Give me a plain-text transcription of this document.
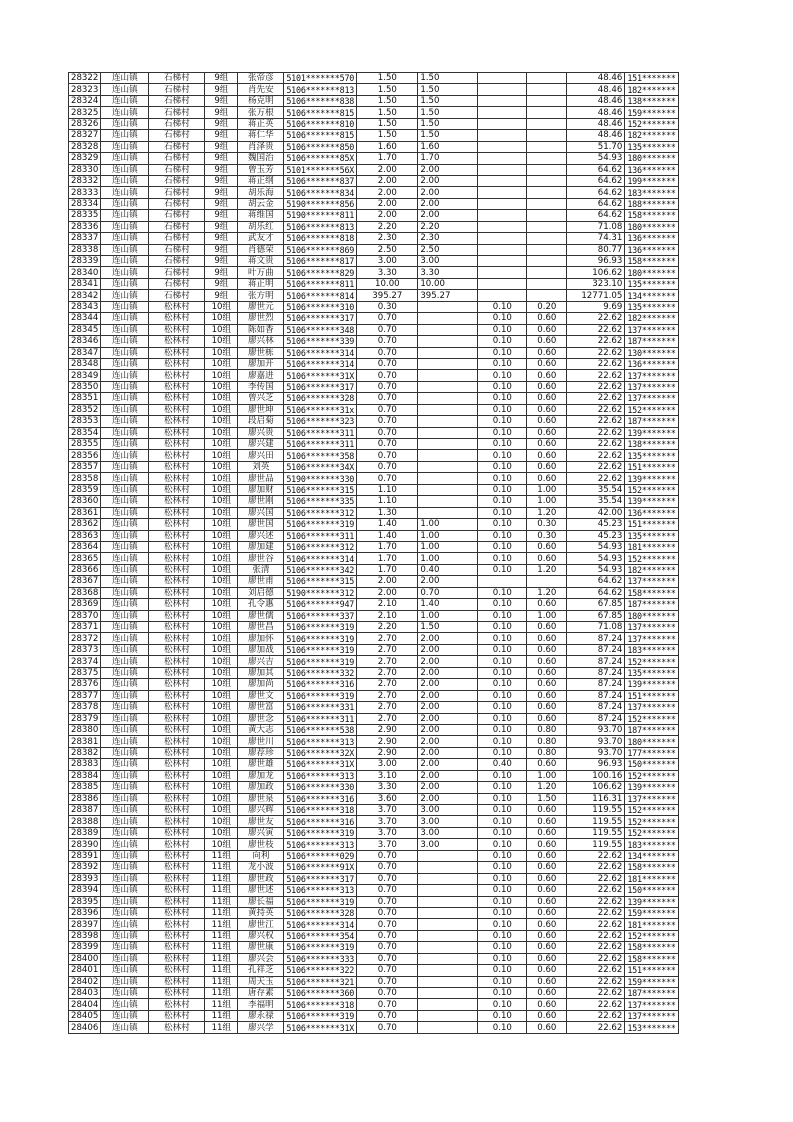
28322	连山镇	石梯村	9组	张帝彦	5101*******570	1.50	1.50			48.46	151*******
28323	连山镇	石梯村	9组	肖先安	5106*******813	1.50	1.50			48.46	182*******
28324	连山镇	石梯村	9组	杨克明	5106*******838	1.50	1.50			48.46	138*******
28325	连山镇	石梯村	9组	张万根	5106*******815	1.50	1.50			48.46	159*******
28326	连山镇	石梯村	9组	蒋正英	5106*******810	1.50	1.50			48.46	152*******
28327	连山镇	石梯村	9组	蒋仁华	5106*******815	1.50	1.50			48.46	182*******
28328	连山镇	石梯村	9组	肖泽贵	5106*******850	1.60	1.60			51.70	135*******
28329	连山镇	石梯村	9组	魏国治	5106*******85X	1.70	1.70			54.93	180*******
28330	连山镇	石梯村	9组	曾玉芳	5101*******56X	2.00	2.00			64.62	136*******
28332	连山镇	石梯村	9组	蒋正纲	5106*******837	2.00	2.00			64.62	199*******
28333	连山镇	石梯村	9组	胡乐海	5106*******834	2.00	2.00			64.62	183*******
28334	连山镇	石梯村	9组	胡云金	5190*******856	2.00	2.00			64.62	188*******
28335	连山镇	石梯村	9组	蒋维国	5190*******811	2.00	2.00			64.62	158*******
28336	连山镇	石梯村	9组	胡乐红	5106*******813	2.20	2.20			71.08	180*******
28337	连山镇	石梯村	9组	武友才	5106*******818	2.30	2.30			74.31	136*******
28338	连山镇	石梯村	9组	肖德荣	5106*******869	2.50	2.50			80.77	136*******
28339	连山镇	石梯村	9组	蒋文贵	5106*******817	3.00	3.00			96.93	158*******
28340	连山镇	石梯村	9组	叶万曲	5106*******829	3.30	3.30			106.62	180*******
28341	连山镇	石梯村	9组	蒋正明	5106*******811	10.00	10.00			323.10	135*******
28342	连山镇	石梯村	9组	张方明	5106*******814	395.27	395.27			12771.05	134*******
28343	连山镇	松林村	10组	廖世元	5106*******310	0.30		0.10	0.20	9.69	135*******
28344	连山镇	松林村	10组	廖世烈	5106*******317	0.70		0.10	0.60	22.62	182*******
28345	连山镇	松林村	10组	陈如香	5106*******348	0.70		0.10	0.60	22.62	137*******
28346	连山镇	松林村	10组	廖兴林	5106*******339	0.70		0.10	0.60	22.62	187*******
28347	连山镇	松林村	10组	廖世栋	5106*******314	0.70		0.10	0.60	22.62	130*******
28348	连山镇	松林村	10组	廖加开	5106*******314	0.70		0.10	0.60	22.62	136*******
28349	连山镇	松林村	10组	廖嘉进	5106*******31X	0.70		0.10	0.60	22.62	137*******
28350	连山镇	松林村	10组	李传国	5106*******317	0.70		0.10	0.60	22.62	137*******
28351	连山镇	松林村	10组	曾兴芝	5106*******328	0.70		0.10	0.60	22.62	137*******
28352	连山镇	松林村	10组	廖世坤	5106*******31x	0.70		0.10	0.60	22.62	152*******
28353	连山镇	松林村	10组	段启菊	5106*******323	0.70		0.10	0.60	22.62	187*******
28354	连山镇	松林村	10组	廖兴贵	5106*******311	0.70		0.10	0.60	22.62	139*******
28355	连山镇	松林村	10组	廖兴建	5106*******311	0.70		0.10	0.60	22.62	138*******
28356	连山镇	松林村	10组	廖兴田	5106*******358	0.70		0.10	0.60	22.62	135*******
28357	连山镇	松林村	10组	刘英	5106*******34X	0.70		0.10	0.60	22.62	151*******
28358	连山镇	松林村	10组	廖世品	5190*******330	0.70		0.10	0.60	22.62	139*******
28359	连山镇	松林村	10组	廖加财	5106*******315	1.10		0.10	1.00	35.54	152*******
28360	连山镇	松林村	10组	廖世刚	5106*******335	1.10		0.10	1.00	35.54	139*******
28361	连山镇	松林村	10组	廖兴国	5106*******312	1.30		0.10	1.20	42.00	136*******
28362	连山镇	松林村	10组	廖世国	5106*******319	1.40	1.00	0.10	0.30	45.23	151*******
28363	连山镇	松林村	10组	廖兴述	5106*******311	1.40	1.00	0.10	0.30	45.23	135*******
28364	连山镇	松林村	10组	廖加建	5106*******312	1.70	1.00	0.10	0.60	54.93	181*******
28365	连山镇	松林村	10组	廖世谷	5106*******314	1.70	1.00	0.10	0.60	54.93	152*******
28366	连山镇	松林村	10组	张清	5106*******342	1.70	0.40	0.10	1.20	54.93	182*******
28367	连山镇	松林村	10组	廖世甫	5106*******315	2.00	2.00			64.62	137*******
28368	连山镇	松林村	10组	刘启德	5190*******312	2.00	0.70	0.10	1.20	64.62	158*******
28369	连山镇	松林村	10组	孔令惠	5106*******947	2.10	1.40	0.10	0.60	67.85	187*******
28370	连山镇	松林村	10组	廖世儒	5106*******337	2.10	1.00	0.10	1.00	67.85	180*******
28371	连山镇	松林村	10组	廖世昌	5106*******319	2.20	1.50	0.10	0.60	71.08	137*******
28372	连山镇	松林村	10组	廖加怀	5106*******319	2.70	2.00	0.10	0.60	87.24	137*******
28373	连山镇	松林村	10组	廖加战	5106*******319	2.70	2.00	0.10	0.60	87.24	183*******
28374	连山镇	松林村	10组	廖兴吉	5106*******319	2.70	2.00	0.10	0.60	87.24	152*******
28375	连山镇	松林村	10组	廖加其	5106*******332	2.70	2.00	0.10	0.60	87.24	135*******
28376	连山镇	松林村	10组	廖加尚	5106*******316	2.70	2.00	0.10	0.60	87.24	139*******
28377	连山镇	松林村	10组	廖世文	5106*******319	2.70	2.00	0.10	0.60	87.24	151*******
28378	连山镇	松林村	10组	廖世富	5106*******331	2.70	2.00	0.10	0.60	87.24	137*******
28379	连山镇	松林村	10组	廖世念	5106*******311	2.70	2.00	0.10	0.60	87.24	152*******
28380	连山镇	松林村	10组	黄大志	5106*******538	2.90	2.00	0.10	0.80	93.70	187*******
28381	连山镇	松林村	10组	廖世川	5106*******313	2.90	2.00	0.10	0.80	93.70	180*******
28382	连山镇	松林村	10组	廖荐珍	5106*******32X	2.90	2.00	0.10	0.80	93.70	177*******
28383	连山镇	松林村	10组	廖世雄	5106*******31X	3.00	2.00	0.40	0.60	96.93	150*******
28384	连山镇	松林村	10组	廖加龙	5106*******313	3.10	2.00	0.10	1.00	100.16	152*******
28385	连山镇	松林村	10组	廖加政	5106*******330	3.30	2.00	0.10	1.20	106.62	139*******
28386	连山镇	松林村	10组	廖世泉	5106*******316	3.60	2.00	0.10	1.50	116.31	137*******
28387	连山镇	松林村	10组	廖兴辉	5106*******318	3.70	3.00	0.10	0.60	119.55	152*******
28388	连山镇	松林村	10组	廖世友	5106*******316	3.70	3.00	0.10	0.60	119.55	152*******
28389	连山镇	松林村	10组	廖兴寅	5106*******319	3.70	3.00	0.10	0.60	119.55	152*******
28390	连山镇	松林村	10组	廖世枝	5106*******313	3.70	3.00	0.10	0.60	119.55	183*******
28391	连山镇	松林村	11组	向利	5106*******029	0.70		0.10	0.60	22.62	134*******
28392	连山镇	松林村	11组	龙小波	5106*******91X	0.70		0.10	0.60	22.62	158*******
28393	连山镇	松林村	11组	廖世政	5106*******317	0.70		0.10	0.60	22.62	181*******
28394	连山镇	松林村	11组	廖世述	5106*******313	0.70		0.10	0.60	22.62	150*******
28395	连山镇	松林村	11组	廖长福	5106*******319	0.70		0.10	0.60	22.62	139*******
28396	连山镇	松林村	11组	黄持英	5106*******328	0.70		0.10	0.60	22.62	159*******
28397	连山镇	松林村	11组	廖世江	5106*******314	0.70		0.10	0.60	22.62	181*******
28398	连山镇	松林村	11组	廖兴权	5106*******354	0.70		0.10	0.60	22.62	152*******
28399	连山镇	松林村	11组	廖世康	5106*******319	0.70		0.10	0.60	22.62	158*******
28400	连山镇	松林村	11组	廖兴会	5106*******333	0.70		0.10	0.60	22.62	158*******
28401	连山镇	松林村	11组	孔祥芝	5106*******322	0.70		0.10	0.60	22.62	151*******
28402	连山镇	松林村	11组	周天玉	5106*******321	0.70		0.10	0.60	22.62	159*******
28403	连山镇	松林村	11组	唐存素	5106*******360	0.70		0.10	0.60	22.62	187*******
28404	连山镇	松林村	11组	李福明	5106*******318	0.70		0.10	0.60	22.62	137*******
28405	连山镇	松林村	11组	廖永禄	5106*******319	0.70		0.10	0.60	22.62	137*******
28406	连山镇	松林村	11组	廖兴学	5106*******31X	0.70		0.10	0.60	22.62	153*******
